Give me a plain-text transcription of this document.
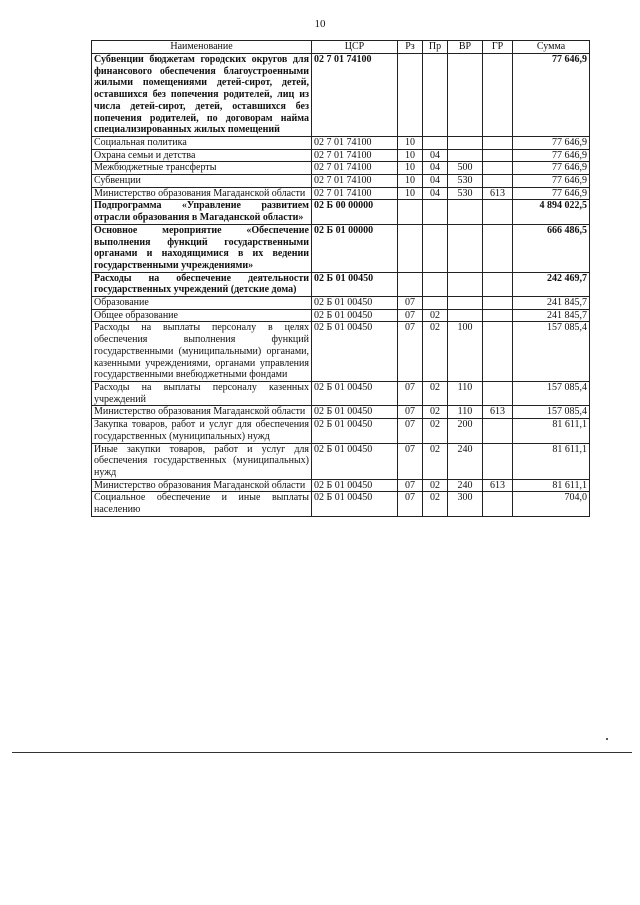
10
Наименование	ЦСР	Рз	Пр	ВР	ГР	Сумма
Субвенции бюджетам городских округов для финансового обеспечения благоустроенными жилыми помещениями детей-сирот, детей, оставшихся без попечения родителей, лиц из числа детей-сирот, детей, оставшихся без попечения родителей, по договорам найма специализированных жилых помещений	02 7 01 74100					77 646,9
Социальная политика	02 7 01 74100	10				77 646,9
Охрана семьи и детства	02 7 01 74100	10	04			77 646,9
Межбюджетные трансферты	02 7 01 74100	10	04	500		77 646,9
Субвенции	02 7 01 74100	10	04	530		77 646,9
Министерство образования Магаданской области	02 7 01 74100	10	04	530	613	77 646,9
Подпрограмма «Управление развитием отрасли образования в Магаданской области»	02 Б 00 00000					4 894 022,5
Основное мероприятие «Обеспечение выполнения функций государственными органами и находящимися в их ведении государственными учреждениями»	02 Б 01 00000					666 486,5
Расходы на обеспечение деятельности государственных учреждений (детские дома)	02 Б 01 00450					242 469,7
Образование	02 Б 01 00450	07				241 845,7
Общее образование	02 Б 01 00450	07	02			241 845,7
Расходы на выплаты персоналу в целях обеспечения выполнения функций государственными (муниципальными) органами, казенными учреждениями, органами управления государственными внебюджетными фондами	02 Б 01 00450	07	02	100		157 085,4
Расходы на выплаты персоналу казенных учреждений	02 Б 01 00450	07	02	110		157 085,4
Министерство образования Магаданской области	02 Б 01 00450	07	02	110	613	157 085,4
Закупка товаров, работ и услуг для обеспечения государственных (муниципальных) нужд	02 Б 01 00450	07	02	200		81 611,1
Иные закупки товаров, работ и услуг для обеспечения государственных (муниципальных) нужд	02 Б 01 00450	07	02	240		81 611,1
Министерство образования Магаданской области	02 Б 01 00450	07	02	240	613	81 611,1
Социальное обеспечение и иные выплаты населению	02 Б 01 00450	07	02	300		704,0
